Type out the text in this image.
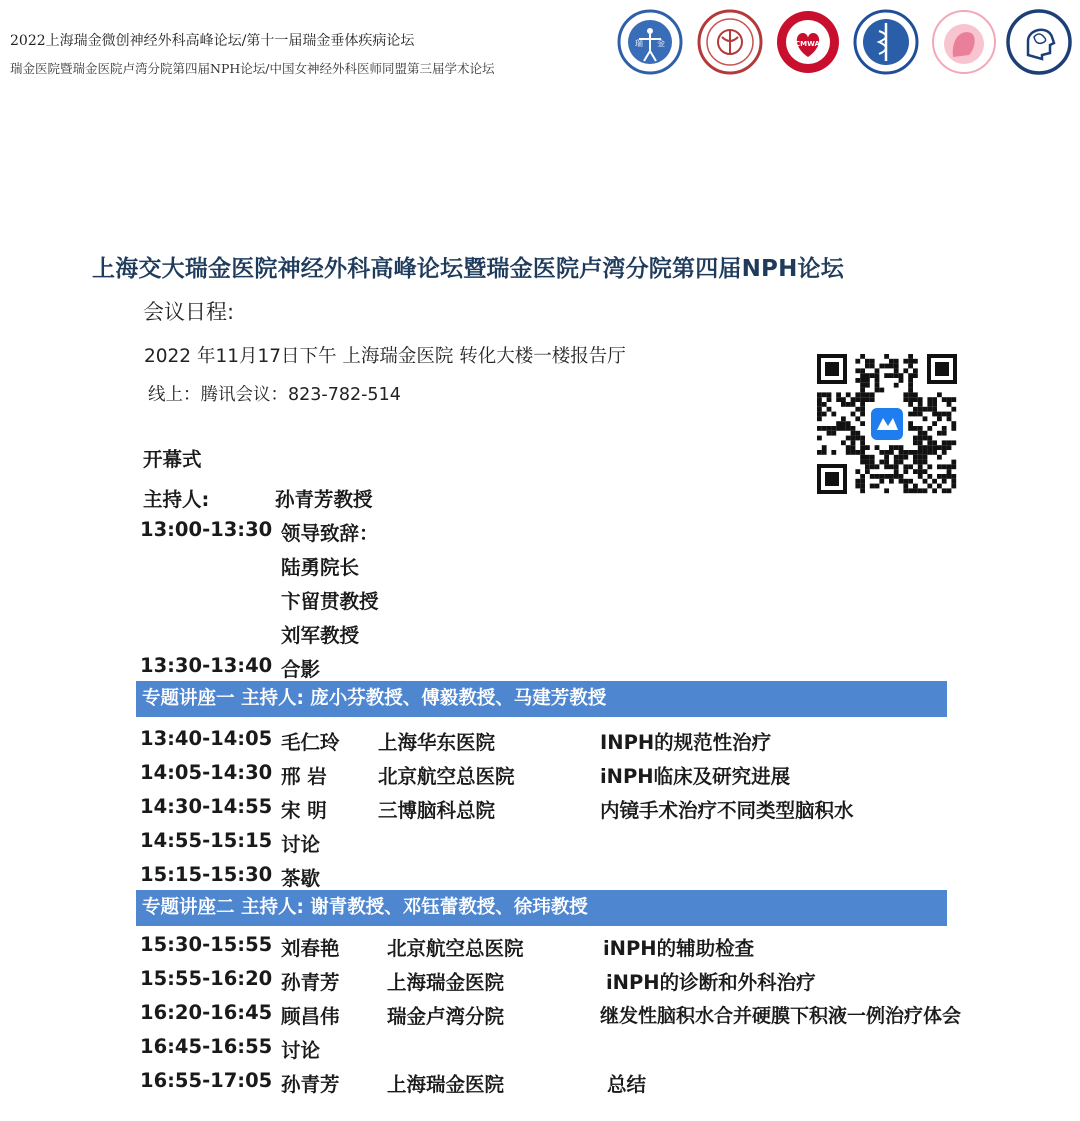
2022上海瑞金微创神经外科高峰论坛/第十一届瑞金垂体疾病论坛
瑞金医院暨瑞金医院卢湾分院第四届NPH论坛/中国女神经外科医师同盟第三届学术论坛
瑞 金	CMWA
上海交大瑞金医院神经外科高峰论坛暨瑞金医院卢湾分院第四届NPH论坛
会议日程:
2022 年11月17日下午 上海瑞金医院 转化大楼一楼报告厅
线上：腾讯会议：823-782-514
开幕式
主持人:	孙青芳教授
13:00-13:30 领导致辞：
陆勇院长
卞留贯教授
刘军教授
13:30-13:40 合影
专题讲座一 主持人: 庞小芬教授、傅毅教授、马建芳教授
13:40-14:05 毛仁玲 上海华东医院	INPH的规范性治疗
14:05-14:30 邢 岩	北京航空总医院	iNPH临床及研究进展
14:30-14:55 宋 明	三博脑科总院	内镜手术治疗不同类型脑积水
14:55-15:15 讨论
15:15-15:30 茶歇
专题讲座二 主持人: 谢青教授、邓钰蕾教授、徐玮教授
15:30-15:55 刘春艳 北京航空总医院	iNPH的辅助检查
15:55-16:20 孙青芳 上海瑞金医院	iNPH的诊断和外科治疗
16:20-16:45 顾昌伟 瑞金卢湾分院	继发性脑积水合并硬膜下积液一例治疗体会
16:45-16:55 讨论
16:55-17:05 孙青芳 上海瑞金医院	总结
